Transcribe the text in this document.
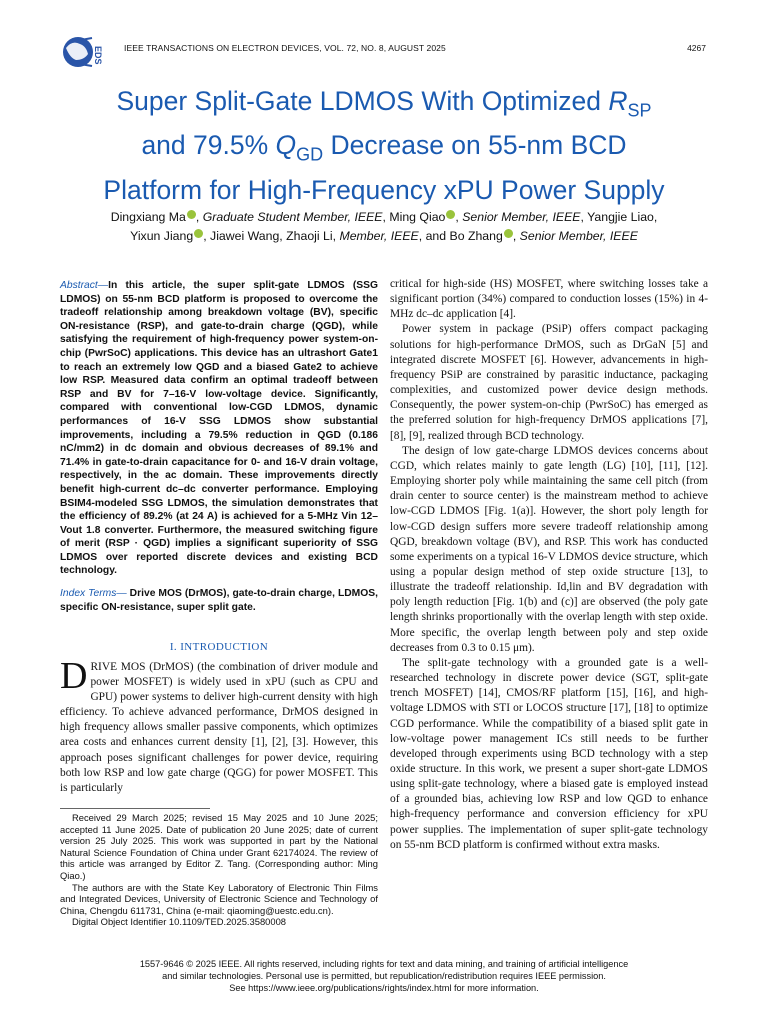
EDS IEEE TRANSACTIONS ON ELECTRON DEVICES, VOL. 72, NO. 8, AUGUST 2025	4267
Super Split-Gate LDMOS With Optimized $R_{SP}$
and 79.5% $Q_{GD}$ Decrease on 55-nm BCD
Platform for High-Frequency xPU Power Supply
Dingxiang Ma , Graduate Student Member, IEEE, Ming Qiao , Senior Member, IEEE, Yangjie Liao,
Yixun Jiang , Jiawei Wang, Zhaoji Li, Member, IEEE, and Bo Zhang , Senior Member, IEEE
Abstract—In this article, the super split-gate LDMOS (SSG LDMOS) on 55-nm BCD platform is proposed to overcome the tradeoff relationship among breakdown voltage (BV), specific ON-resistance (RSP), and gate-to-drain charge (QGD), while satisfying the requirement of high-frequency power system-on-chip (PwrSoC) applications. This device has an ultrashort Gate1 to reach an extremely low QGD and a biased Gate2 to achieve low RSP. Measured data confirm an optimal tradeoff between RSP and BV for 7–16-V low-voltage device. Significantly, compared with conventional low-CGD LDMOS, dynamic performances of 16-V SSG LDMOS show substantial improvements, including a 79.5% reduction in QGD (0.186 nC/mm2) in dc domain and obvious decreases of 89.1% and 71.4% in gate-to-drain capacitance for 0- and 16-V drain voltage, respectively, in the ac domain. These improvements directly benefit high-current dc–dc converter performance. Employing BSIM4-modeled SSG LDMOS, the simulation demonstrates that the efficiency of 89.2% (at 24 A) is achieved for a 5-MHz Vin 12–Vout 1.8 converter. Furthermore, the measured switching figure of merit (RSP · QGD) implies a significant superiority of SSG LDMOS over reported discrete devices and existing BCD technology.
Index Terms— Drive MOS (DrMOS), gate-to-drain charge, LDMOS, specific ON-resistance, super split gate.
I. INTRODUCTION
DRIVE MOS (DrMOS) (the combination of driver module and power MOSFET) is widely used in xPU (such as CPU and GPU) power systems to deliver high-current density with high efficiency. To achieve advanced performance, DrMOS designed in high frequency allows smaller passive components, which optimizes area costs and enhances current density [1], [2], [3]. However, this approach poses significant challenges for power device, requiring both low RSP and low gate charge (QGG) for power MOSFET. This is particularly

Received 29 March 2025; revised 15 May 2025 and 10 June 2025; accepted 11 June 2025. Date of publication 20 June 2025; date of current version 25 July 2025. This work was supported in part by the National Natural Science Foundation of China under Grant 62174024. The review of this article was arranged by Editor Z. Tang. (Corresponding author: Ming Qiao.)

The authors are with the State Key Laboratory of Electronic Thin Films and Integrated Devices, University of Electronic Science and Technology of China, Chengdu 611731, China (e-mail: qiaoming@uestc.edu.cn).

Digital Object Identifier 10.1109/TED.2025.3580008

critical for high-side (HS) MOSFET, where switching losses take a significant portion (34%) compared to conduction losses (15%) in 4-MHz dc–dc application [4].

Power system in package (PSiP) offers compact packaging solutions for high-performance DrMOS, such as DrGaN [5] and integrated discrete MOSFET [6]. However, advancements in high-frequency PSiP are constrained by parasitic inductance, packaging complexities, and customized power device design methods. Consequently, the power system-on-chip (PwrSoC) has emerged as the preferred solution for high-frequency DrMOS applications [7], [8], [9], realized through BCD technology.

The design of low gate-charge LDMOS devices concerns about CGD, which relates mainly to gate length (LG) [10], [11], [12]. Employing shorter poly while maintaining the same cell pitch (from drain center to source center) is the mainstream method to achieve low-CGD LDMOS [Fig. 1(a)]. However, the short poly length for low-CGD design suffers more severe tradeoff relationship among QGD, breakdown voltage (BV), and RSP. This work has conducted some experiments on a typical 16-V LDMOS device structure, which using a popular design method of step oxide structure [13], to illustrate the tradeoff relationship. Id,lin and BV degradation with poly length reduction [Fig. 1(b) and (c)] are observed (the poly gate length shrinks proportionally with the overlap length with step oxide. More specific, the overlap length between poly and step oxide decreases from 0.3 to 0.15 μm).

The split-gate technology with a grounded gate is a well-researched technology in discrete power device (SGT, split-gate trench MOSFET) [14], CMOS/RF platform [15], [16], and high-voltage LDMOS with STI or LOCOS structure [17], [18] to optimize CGD performance. While the compatibility of a biased split gate in low-voltage power management ICs still needs to be further developed through experiments using BCD technology with a step oxide structure. In this work, we present a super short-gate LDMOS using split-gate technology, where a biased gate is employed instead of a grounded bias, achieving low RSP and low QGD to enhance high-frequency performance and conversion efficiency for xPU power supplies. The implementation of super split-gate technology on 55-nm BCD platform is confirmed without extra masks.

1557-9646 © 2025 IEEE. All rights reserved, including rights for text and data mining, and training of artificial intelligence
and similar technologies. Personal use is permitted, but republication/redistribution requires IEEE permission.
See https://www.ieee.org/publications/rights/index.html for more information.
